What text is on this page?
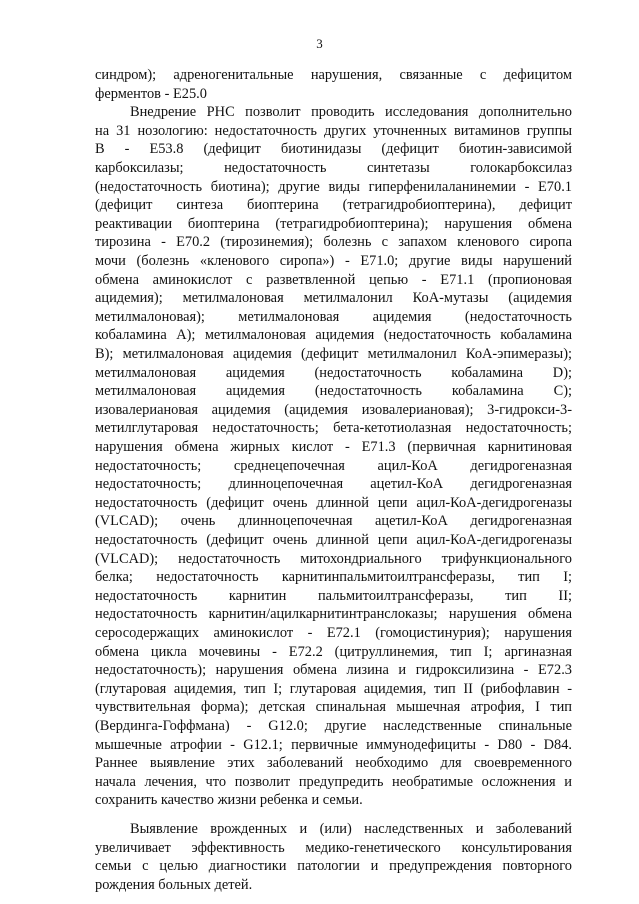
3
синдром); адреногенитальные нарушения, связанные с дефицитом
ферментов - E25.0
Внедрение РНС позволит проводить исследования дополнительно
на 31 нозологию: недостаточность других уточненных витаминов группы
B - E53.8 (дефицит биотинидазы (дефицит биотин-зависимой
карбоксилазы; недостаточность синтетазы голокарбоксилаз
(недостаточность биотина); другие виды гиперфенилаланинемии - E70.1
(дефицит синтеза биоптерина (тетрагидробиоптерина), дефицит
реактивации биоптерина (тетрагидробиоптерина); нарушения обмена
тирозина - E70.2 (тирозинемия); болезнь с запахом кленового сиропа
мочи (болезнь «кленового сиропа») - E71.0; другие виды нарушений
обмена аминокислот с разветвленной цепью - E71.1 (пропионовая
ацидемия); метилмалоновая метилмалонил КоА-мутазы (ацидемия
метилмалоновая); метилмалоновая ацидемия (недостаточность
кобаламина A); метилмалоновая ацидемия (недостаточность кобаламина
B); метилмалоновая ацидемия (дефицит метилмалонил КоА-эпимеразы);
метилмалоновая ацидемия (недостаточность кобаламина D);
метилмалоновая ацидемия (недостаточность кобаламина C);
изовалериановая ацидемия (ацидемия изовалериановая); 3-гидрокси-3-
метилглутаровая недостаточность; бета-кетотиолазная недостаточность;
нарушения обмена жирных кислот - E71.3 (первичная карнитиновая
недостаточность; среднецепочечная ацил-КоА дегидрогеназная
недостаточность; длинноцепочечная ацетил-КоА дегидрогеназная
недостаточность (дефицит очень длинной цепи ацил-КоА-дегидрогеназы
(VLCAD); очень длинноцепочечная ацетил-КоА дегидрогеназная
недостаточность (дефицит очень длинной цепи ацил-КоА-дегидрогеназы
(VLCAD); недостаточность митохондриального трифункционального
белка; недостаточность карнитинпальмитоилтрансферазы, тип I;
недостаточность карнитин пальмитоилтрансферазы, тип II;
недостаточность карнитин/ацилкарнитинтранслоказы; нарушения обмена
серосодержащих аминокислот - E72.1 (гомоцистинурия); нарушения
обмена цикла мочевины - E72.2 (цитруллинемия, тип I; аргиназная
недостаточность); нарушения обмена лизина и гидроксилизина - E72.3
(глутаровая ацидемия, тип I; глутаровая ацидемия, тип II (рибофлавин -
чувствительная форма); детская спинальная мышечная атрофия, I тип
(Вердинга-Гоффмана) - G12.0; другие наследственные спинальные
мышечные атрофии - G12.1; первичные иммунодефициты - D80 - D84.
Раннее выявление этих заболеваний необходимо для своевременного
начала лечения, что позволит предупредить необратимые осложнения и
сохранить качество жизни ребенка и семьи.
Выявление врожденных и (или) наследственных и заболеваний
увеличивает эффективность медико-генетического консультирования
семьи с целью диагностики патологии и предупреждения повторного
рождения больных детей.
